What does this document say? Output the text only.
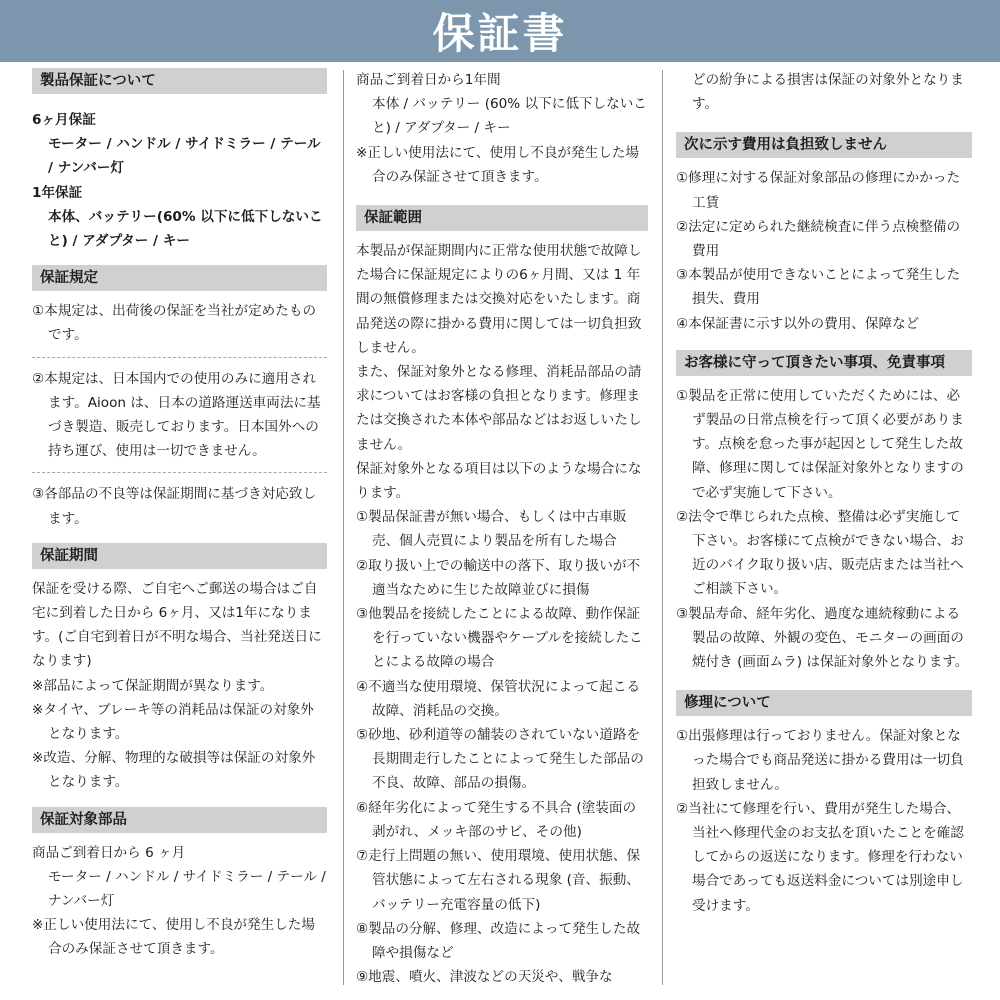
保証書
製品保証について
6ヶ月保証
モーター / ハンドル / サイドミラー / テール / ナンバー灯
1年保証
本体、バッテリー(60% 以下に低下しないこと) / アダプター / キー
保証規定
①本規定は、出荷後の保証を当社が定めたものです。
②本規定は、日本国内での使用のみに適用されます。Aioon は、日本の道路運送車両法に基づき製造、販売しております。日本国外への持ち運び、使用は一切できません。
③各部品の不良等は保証期間に基づき対応致します。
保証期間
保証を受ける際、ご自宅へご郵送の場合はご自宅に到着した日から 6ヶ月、又は1年になります。(ご自宅到着日が不明な場合、当社発送日になります)
※部品によって保証期間が異なります。
※タイヤ、ブレーキ等の消耗品は保証の対象外となります。
※改造、分解、物理的な破損等は保証の対象外となります。
保証対象部品
商品ご到着日から 6 ヶ月
モーター / ハンドル / サイドミラー / テール / ナンバー灯
※正しい使用法にて、使用し不良が発生した場合のみ保証させて頂きます。
商品ご到着日から1年間
本体 / バッテリー (60% 以下に低下しないこと) / アダプター / キー
※正しい使用法にて、使用し不良が発生した場合のみ保証させて頂きます。
保証範囲
本製品が保証期間内に正常な使用状態で故障した場合に保証規定によりの6ヶ月間、又は 1 年間の無償修理または交換対応をいたします。商品発送の際に掛かる費用に関しては一切負担致しません。
また、保証対象外となる修理、消耗品部品の請求についてはお客様の負担となります。修理または交換された本体や部品などはお返しいたしません。
保証対象外となる項目は以下のような場合になります。
①製品保証書が無い場合、もしくは中古車販売、個人売買により製品を所有した場合
②取り扱い上での輸送中の落下、取り扱いが不適当なために生じた故障並びに損傷
③他製品を接続したことによる故障、動作保証を行っていない機器やケーブルを接続したことによる故障の場合
④不適当な使用環境、保管状況によって起こる故障、消耗品の交換。
⑤砂地、砂利道等の舗装のされていない道路を長期間走行したことによって発生した部品の不良、故障、部品の損傷。
⑥経年劣化によって発生する不具合 (塗装面の剥がれ、メッキ部のサビ、その他)
⑦走行上問題の無い、使用環境、使用状態、保管状態によって左右される現象 (音、振動、バッテリー充電容量の低下)
⑧製品の分解、修理、改造によって発生した故障や損傷など
⑨地震、噴火、津波などの天災や、戦争な
どの紛争による損害は保証の対象外となります。
次に示す費用は負担致しません
①修理に対する保証対象部品の修理にかかった工賃
②法定に定められた継続検査に伴う点検整備の費用
③本製品が使用できないことによって発生した損失、費用
④本保証書に示す以外の費用、保障など
お客様に守って頂きたい事項、免責事項
①製品を正常に使用していただくためには、必ず製品の日常点検を行って頂く必要があります。点検を怠った事が起因として発生した故障、修理に関しては保証対象外となりますので必ず実施して下さい。
②法令で準じられた点検、整備は必ず実施して下さい。お客様にて点検ができない場合、お近のバイク取り扱い店、販売店または当社へご相談下さい。
③製品寿命、経年劣化、過度な連続稼動による製品の故障、外観の変色、モニターの画面の焼付き (画面ムラ) は保証対象外となります。
修理について
①出張修理は行っておりません。保証対象となった場合でも商品発送に掛かる費用は一切負担致しません。
②当社にて修理を行い、費用が発生した場合、当社へ修理代金のお支払を頂いたことを確認してからの返送になります。修理を行わない場合であっても返送料金については別途申し受けます。
